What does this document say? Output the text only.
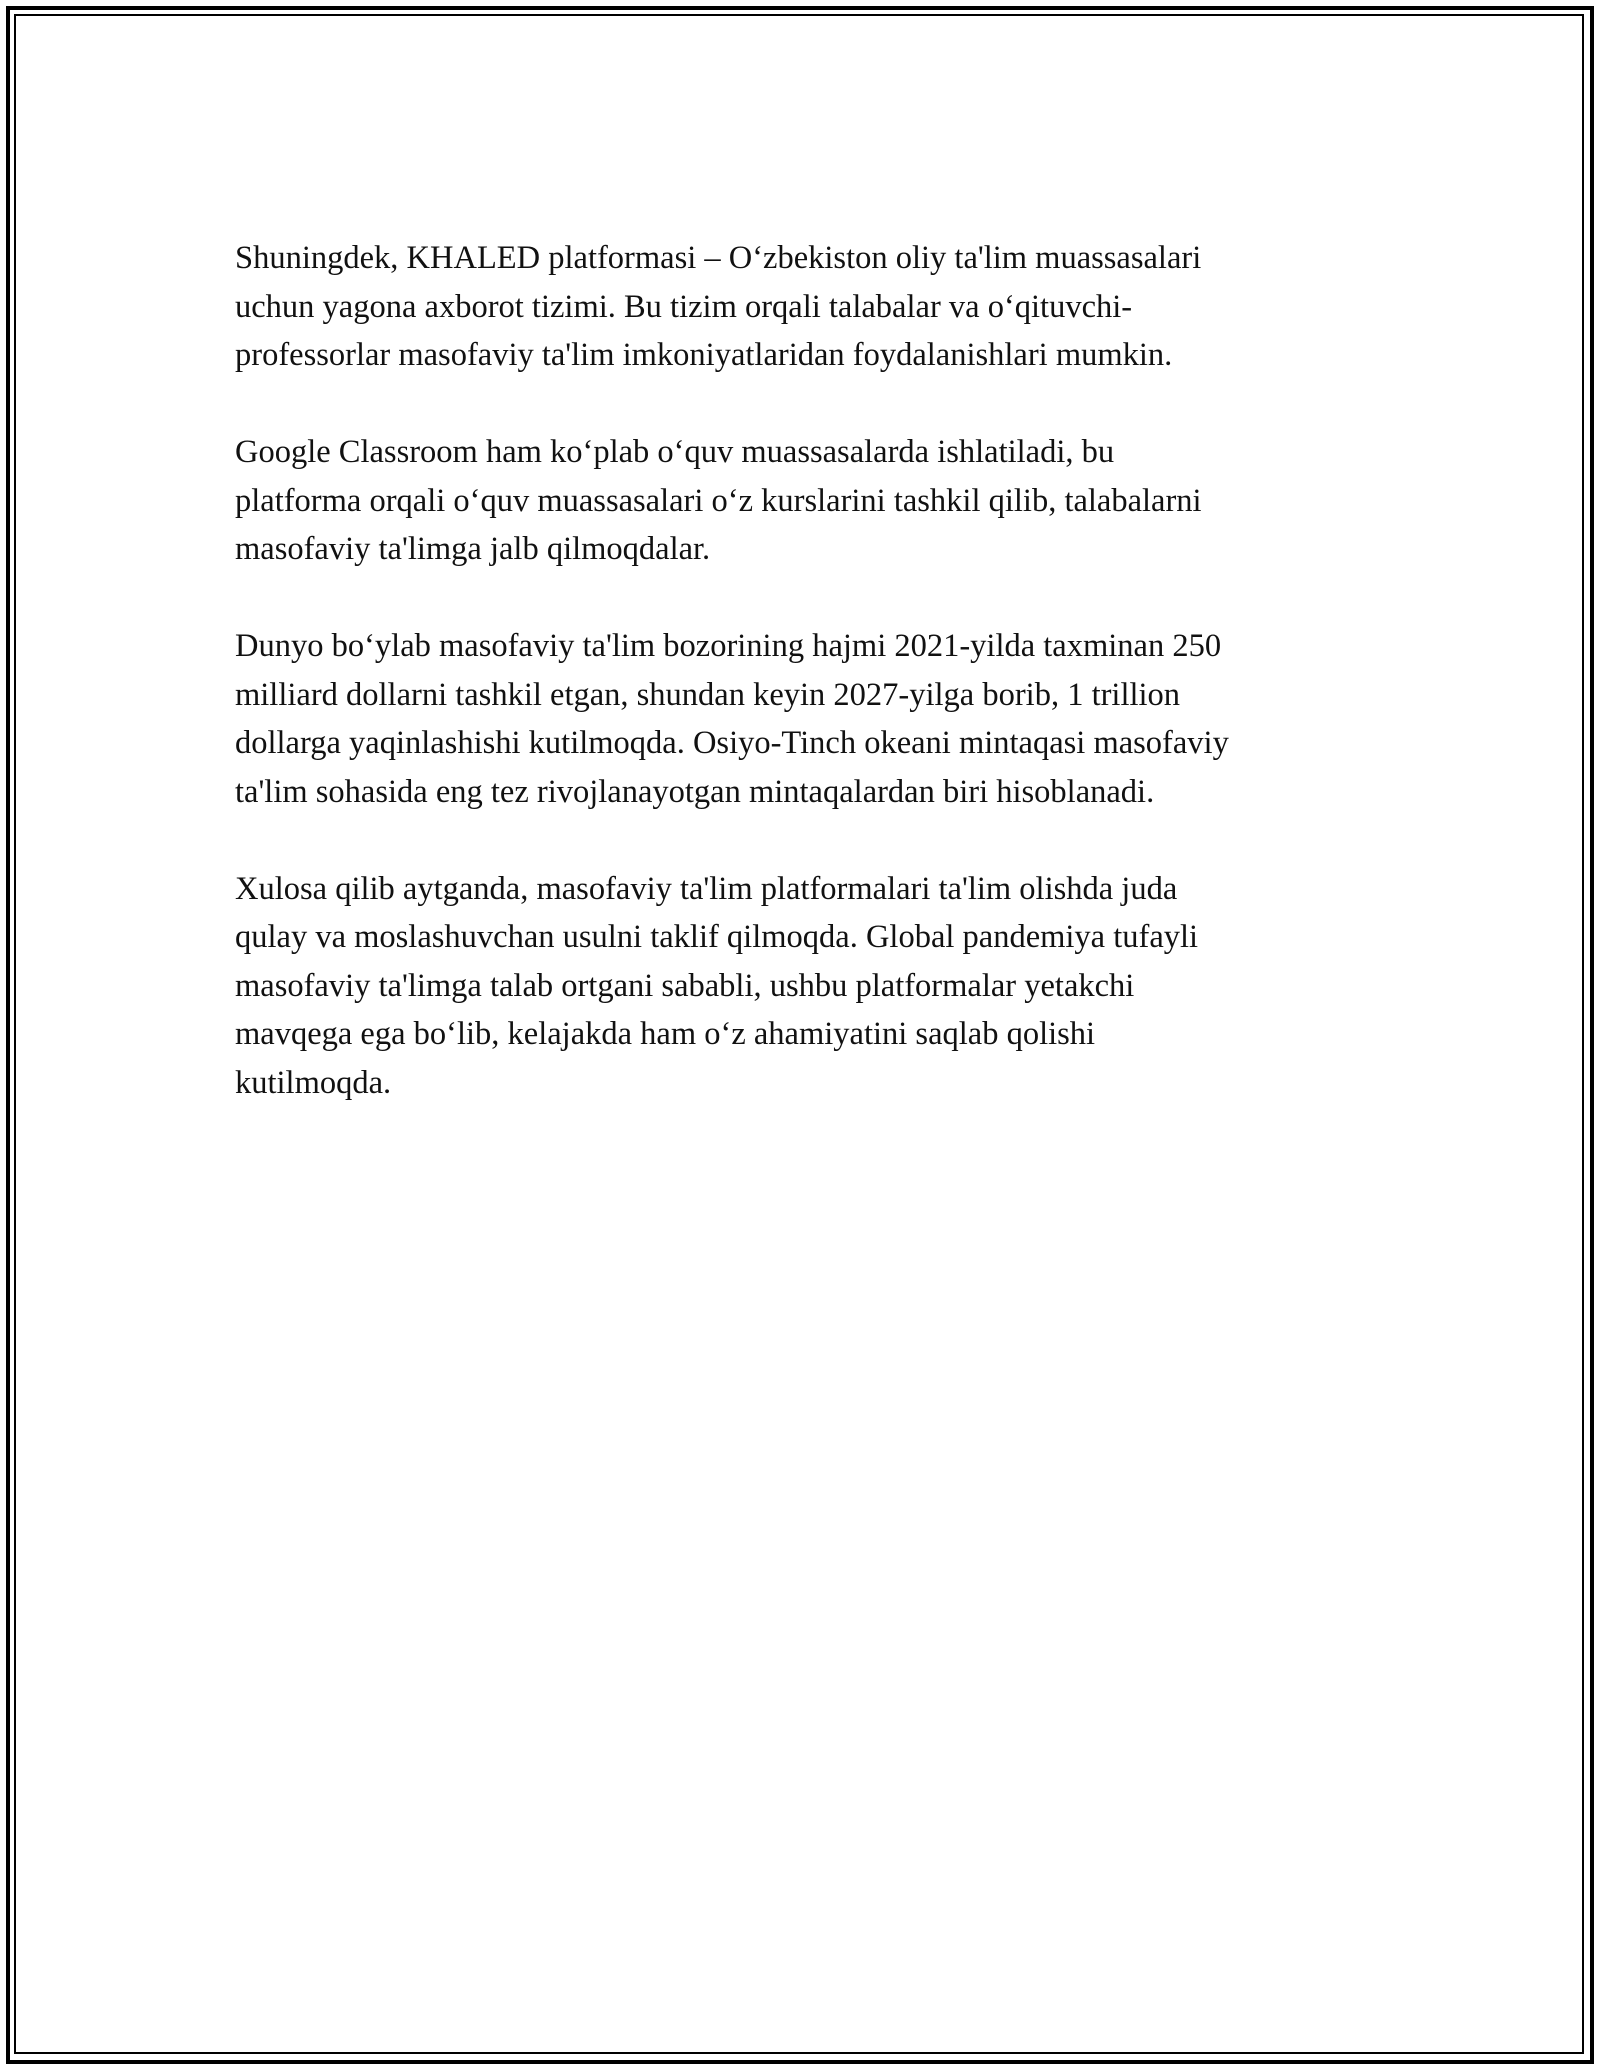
Shuningdek, KHALED platformasi – O‘zbekiston oliy ta'lim muassasalari
uchun yagona axborot tizimi. Bu tizim orqali talabalar va o‘qituvchi-
professorlar masofaviy ta'lim imkoniyatlaridan foydalanishlari mumkin.

Google Classroom ham ko‘plab o‘quv muassasalarda ishlatiladi, bu
platforma orqali o‘quv muassasalari o‘z kurslarini tashkil qilib, talabalarni
masofaviy ta'limga jalb qilmoqdalar.

Dunyo bo‘ylab masofaviy ta'lim bozorining hajmi 2021-yilda taxminan 250
milliard dollarni tashkil etgan, shundan keyin 2027-yilga borib, 1 trillion
dollarga yaqinlashishi kutilmoqda. Osiyo-Tinch okeani mintaqasi masofaviy
ta'lim sohasida eng tez rivojlanayotgan mintaqalardan biri hisoblanadi.

Xulosa qilib aytganda, masofaviy ta'lim platformalari ta'lim olishda juda
qulay va moslashuvchan usulni taklif qilmoqda. Global pandemiya tufayli
masofaviy ta'limga talab ortgani sababli, ushbu platformalar yetakchi
mavqega ega bo‘lib, kelajakda ham o‘z ahamiyatini saqlab qolishi
kutilmoqda.
